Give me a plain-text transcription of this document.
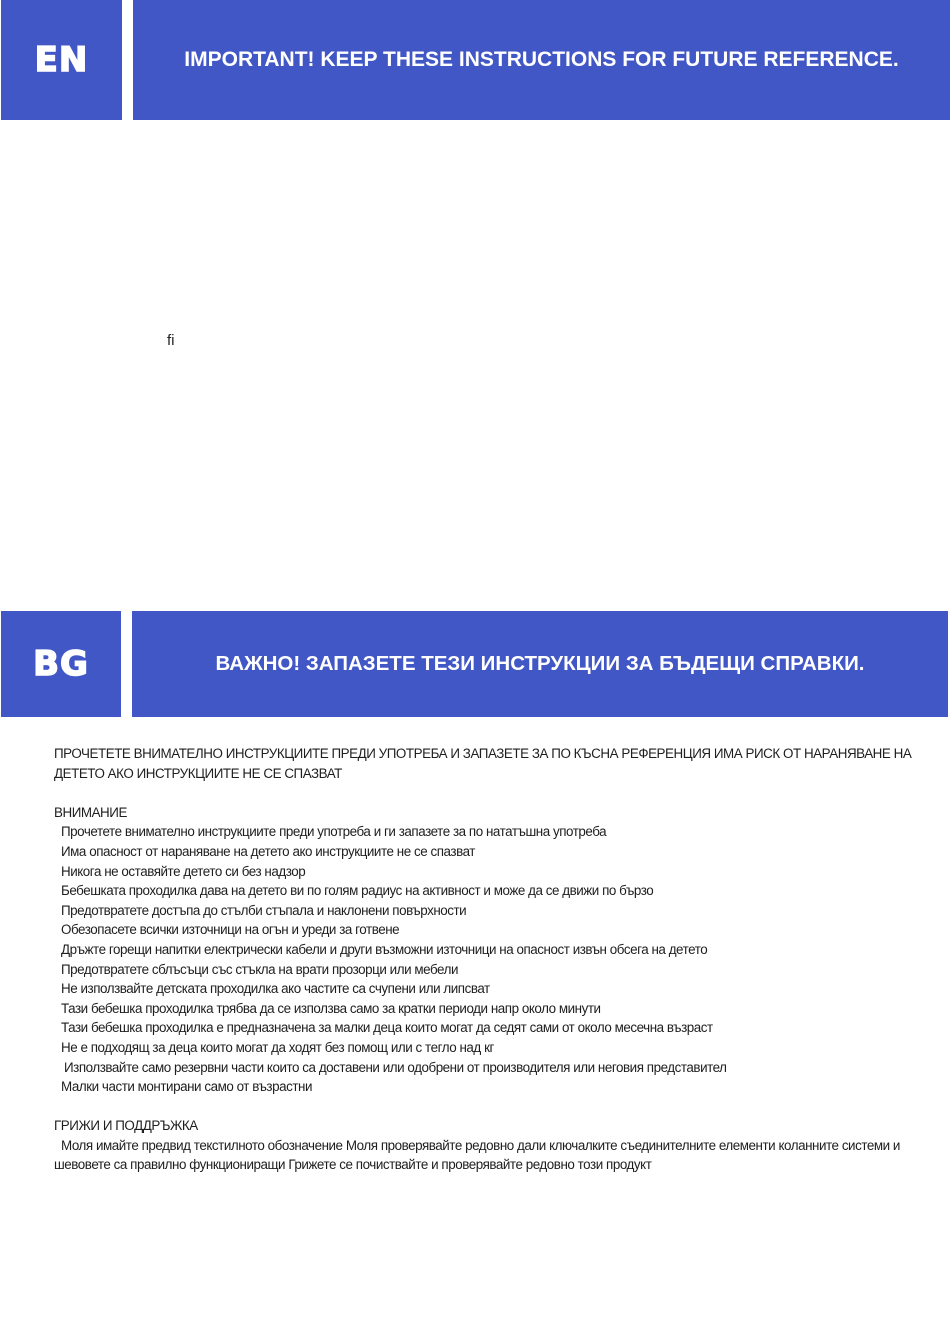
EN	IMPORTANT! KEEP THESE INSTRUCTIONS FOR FUTURE REFERENCE.
ﬁ
BG	ВАЖНО! ЗАПАЗЕТЕ ТЕЗИ ИНСТРУКЦИИ ЗА БЪДЕЩИ СПРАВКИ.

ПРОЧЕТЕТЕ ВНИМАТЕЛНО ИНСТРУКЦИИТЕ ПРЕДИ УПОТРЕБА И ЗАПАЗЕТЕ ЗА ПО КЪСНА РЕФЕРЕНЦИЯ ИМА РИСК ОТ НАРАНЯВАНЕ НА ДЕТЕТО АКО ИНСТРУКЦИИТЕ НЕ СЕ СПАЗВАТ

ВНИМАНИЕ

Прочетете внимателно инструкциите преди употреба и ги запазете за по нататъшна употреба
Има опасност от нараняване на детето ако инструкциите не се спазват
Никога не оставяйте детето си без надзор
Бебешката проходилка дава на детето ви по голям радиус на активност и може да се движи по бързо
Предотвратете достъпа до стълби стъпала и наклонени повърхности
Обезопасете всички източници на огън и уреди за готвене
Дръжте горещи напитки електрически кабели и други възможни източници на опасност извън обсега на детето
Предотвратете сблъсъци със стъкла на врати прозорци или мебели
Не използвайте детската проходилка ако частите са счупени или липсват
Тази бебешка проходилка трябва да се използва само за кратки периоди напр около минути
Тази бебешка проходилка е предназначена за малки деца които могат да седят сами от около месечна възраст
Не е подходящ за деца които могат да ходят без помощ или с тегло над кг
Използвайте само резервни части които са доставени или одобрени от производителя или неговия представител
Малки части монтирани само от възрастни

ГРИЖИ И ПОДДРЪЖКА

Моля имайте предвид текстилното обозначение Моля проверявайте редовно дали ключалките съединителните елементи коланните системи и шевовете са правилно функциониращи Грижете се почиствайте и проверявайте редовно този продукт
